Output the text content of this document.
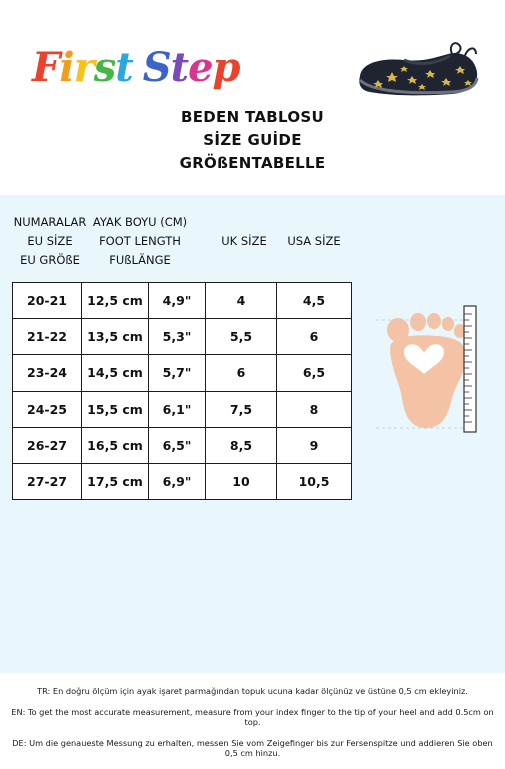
First Step
BEDEN TABLOSU
SİZE GUİDE
GRÖßENTABELLE
NUMARALAR
EU SİZE
EU GRÖßE
AYAK BOYU (CM)
FOOT LENGTH
FUßLÄNGE
UK SİZE	USA SİZE
20-21	12,5 cm	4,9"	4	4,5
21-22	13,5 cm	5,3"	5,5	6
23-24	14,5 cm	5,7"	6	6,5
24-25	15,5 cm	6,1"	7,5	8
26-27	16,5 cm	6,5"	8,5	9
27-27	17,5 cm	6,9"	10	10,5
TR: En doğru ölçüm için ayak işaret parmağından topuk ucuna kadar ölçünüz ve üstüne 0,5 cm ekleyiniz.
EN: To get the most accurate measurement, measure from your index finger to the tip of your heel and add 0.5cm on top.
DE: Um die genaueste Messung zu erhalten, messen Sie vom Zeigefinger bis zur Fersenspitze und addieren Sie oben 0,5 cm hinzu.
